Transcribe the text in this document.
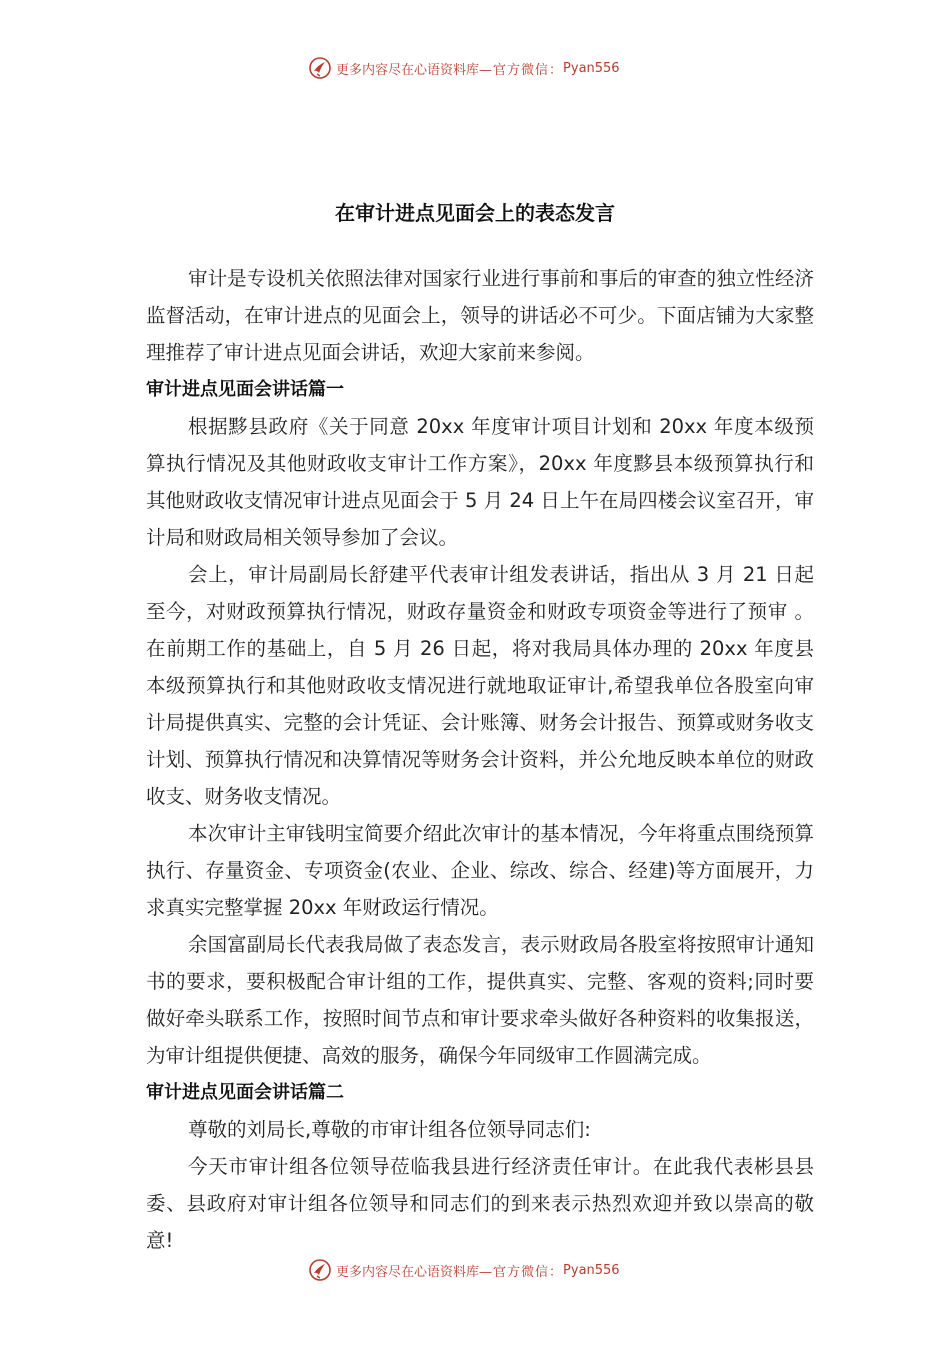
更多内容尽在心语资料库 —官方微信： Pyan556
在审计进点见面会上的表态发言

审计是专设机关依照法律对国家行业进行事前和事后的审查的独立性经济监督活动，在审计进点的见面会上，领导的讲话必不可少。下面店铺为大家整理推荐了审计进点见面会讲话，欢迎大家前来参阅。

审计进点见面会讲话篇一

根据黟县政府《关于同意 20xx 年度审计项目计划和 20xx 年度本级预算执行情况及其他财政收支审计工作方案》，20xx 年度黟县本级预算执行和其他财政收支情况审计进点见面会于 5 月 24 日上午在局四楼会议室召开，审计局和财政局相关领导参加了会议。

会上，审计局副局长舒建平代表审计组发表讲话，指出从 3 月 21 日起至今，对财政预算执行情况，财政存量资金和财政专项资金等进行了预审 。在前期工作的基础上，自 5 月 26 日起，将对我局具体办理的 20xx 年度县本级预算执行和其他财政收支情况进行就地取证审计,希望我单位各股室向审计局提供真实、完整的会计凭证、会计账簿、财务会计报告、预算或财务收支计划、预算执行情况和决算情况等财务会计资料，并公允地反映本单位的财政收支、财务收支情况。

本次审计主审钱明宝简要介绍此次审计的基本情况，今年将重点围绕预算执行、存量资金、专项资金(农业、企业、综改、综合、经建)等方面展开，力求真实完整掌握 20xx 年财政运行情况。

余国富副局长代表我局做了表态发言，表示财政局各股室将按照审计通知书的要求，要积极配合审计组的工作，提供真实、完整、客观的资料;同时要做好牵头联系工作，按照时间节点和审计要求牵头做好各种资料的收集报送，为审计组提供便捷、高效的服务，确保今年同级审工作圆满完成。

审计进点见面会讲话篇二

尊敬的刘局长,尊敬的市审计组各位领导同志们:

今天市审计组各位领导莅临我县进行经济责任审计。在此我代表彬县县委、县政府对审计组各位领导和同志们的到来表示热烈欢迎并致以崇高的敬意!

更多内容尽在心语资料库 —官方微信： Pyan556
